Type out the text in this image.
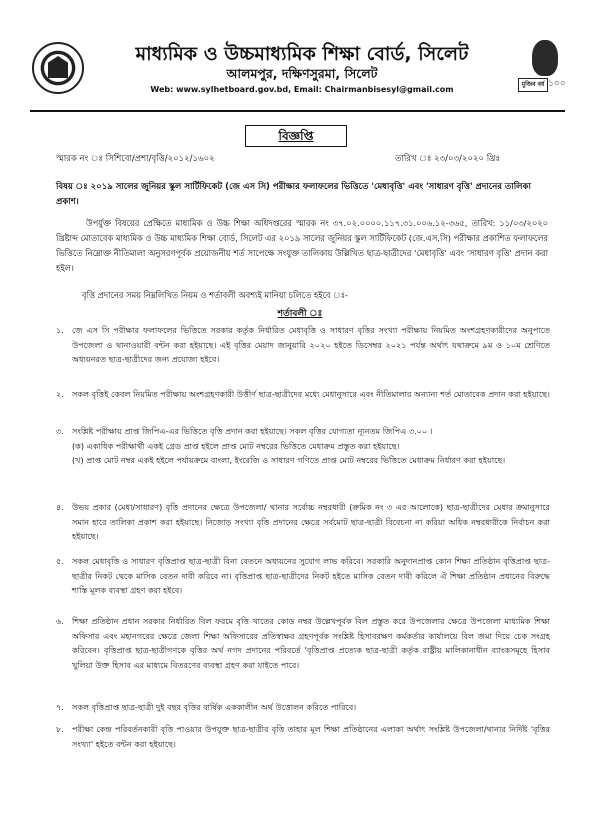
মাধ্যমিক ও উচ্চমাধ্যমিক শিক্ষা বোর্ড, সিলেট
আলমপুর, দক্ষিণসুরমা, সিলেট
Web: www.sylhetboard.gov.bd, Email: Chairmanbisesyl@gmail.com
মুজিব বর্ষ ১০০
বিজ্ঞপ্তি
স্মারক নং ঃ সিশিবো/প্রশা/বৃত্তি/২০১২/১৬০২	তারিখ ঃ ২৩/০৩/২০২০ খ্রিঃ
বিষয় ঃ ২০১৯ সালের জুনিয়র স্কুল সার্টিফিকেট (জে এস সি) পরীক্ষার ফলাফলের ভিত্তিতে 'মেধাবৃত্তি' এবং 'সাধারণ বৃত্তি' প্রদানের তালিকা প্রকাশ।
উপর্যুক্ত বিষয়ের প্রেক্ষিতে মাধ্যমিক ও উচ্চ শিক্ষা অধিদপ্তরের স্মারক নং ৩৭.০২.০০০০.১১৭.৩১.০০৬.১২-৩৬৫, তারিখ: ১১/০৩/২০২০ খ্রিষ্টাব্দ মোতাবেক মাধ্যমিক ও উচ্চ মাধ্যমিক শিক্ষা বোর্ড, সিলেট এর ২০১৯ সালের জুনিয়র স্কুল সার্টিফিকেট (জে.এস.সি) পরীক্ষার প্রকাশিত ফলাফলের ভিত্তিতে নিম্নোক্ত নীতিমালা অনুসরণপূর্বক প্রয়োজনীয় শর্ত সাপেক্ষে সংযুক্ত তালিকায় উল্লিখিত ছাত্র-ছাত্রীদের 'মেধাবৃত্তি' এবং 'সাধারণ বৃত্তি' প্রদান করা হইল।
বৃত্তি প্রদানের সময় নিম্নলিখিত নিয়ম ও শর্তাবলী অবশ্যই মানিয়া চলিতে হইবে ঃ-
শর্তাবলী ঃ
১.	জে এস সি পরীক্ষার ফলাফলের ভিত্তিতে সরকার কর্তৃক নির্ধারিত মেধাবৃত্তি ও সাধারণ বৃত্তির সংখ্যা পরীক্ষায় নিয়মিত অংশগ্রহণকারীদের অনুপাতে উপজেলা ও থানাওয়ারী বন্টন করা হইয়াছে। এই বৃত্তির মেয়াদ জানুয়ারি ২০২০ হইতে ডিসেম্বর ২০২১ পর্যন্ত অর্থাৎ যথাক্রমে ৯ম ও ১০ম শ্রেণিতে অধ্যয়নরত ছাত্র-ছাত্রীদের জন্য প্রযোজ্য হইবে।
২.	সকল বৃত্তিই কেবল নিয়মিত পরীক্ষায় অংশগ্রহণকারী উত্তীর্ণ ছাত্র-ছাত্রীদের মধ্যে মেধানুসারে এবং নীতিমালার অন্যান্য শর্ত মোতাবেক প্রদান করা হইয়াছে।
৩.	সংশ্লিষ্ট পরীক্ষায় প্রাপ্ত জিপিএ-এর ভিত্তিতে বৃত্তি প্রদান করা হইয়াছে। সকল বৃত্তির যোগ্যতা ন্যূনতম জিপিএ ৩.০০ ।
(ক) একাধিক পরীক্ষার্থী একই গ্রেড প্রাপ্ত হইলে প্রাপ্ত মোট নম্বরের ভিত্তিতে মেধাক্রম প্রস্তুত করা হইয়াছে।
(খ) প্রাপ্ত মোট নম্বর একই হইলে পর্যায়ক্রমে বাংলা, ইংরেজি ও সাধারণ গণিতে প্রাপ্ত মোট নম্বরের ভিত্তিতে মেধাক্রম নির্ধারণ করা হইয়াছে।
৪.	উভয় প্রকার (মেধা/সাধারণ) বৃত্তি প্রদানের ক্ষেত্রে উপজেলা/ থানার সর্বোচ্চ নম্বরধারী (ক্রমিক নং ৩ এর আলোকে) ছাত্র-ছাত্রীদের মেধার ক্রমানুসারে সমান হারে তালিকা প্রকাশ করা হইয়াছে। নিজোড় সংখ্যা বৃত্তি প্রদানের ক্ষেত্রে সর্বমোট ছাত্র-ছাত্রী বিবেচনা না করিয়া অধিক নম্বরধারীকে নির্বাচন করা হইয়াছে।
৫.	সকল মেধাবৃত্তি ও সাধারণ বৃত্তিপ্রাপ্ত ছাত্র-ছাত্রী বিনা বেতনে অধ্যয়নের সুযোগ লাভ করিবে। সরকারি অনুদানপ্রাপ্ত কোন শিক্ষা প্রতিষ্ঠান বৃত্তিপ্রাপ্ত ছাত্র-ছাত্রীর নিকট থেকে মাসিক বেতন দাবী করিবে না। বৃত্তিপ্রাপ্ত ছাত্র-ছাত্রীদের নিকট হইতে মাসিক বেতন দাবী করিলে ঐ শিক্ষা প্রতিষ্ঠান প্রধানের বিরুদ্ধে শাস্তি মূলক ব্যবস্থা গ্রহণ করা হইবে।
৬.	শিক্ষা প্রতিষ্ঠান প্রধান সরকার নির্ধারিত বিল ফরমে বৃত্তি খাতের কোড নম্বর উল্লেখপূর্বক বিল প্রস্তুত করে উপজেলার ক্ষেত্রে উপজেলা মাধ্যমিক শিক্ষা অফিসার এবং মহানগরের ক্ষেত্রে জেলা শিক্ষা অফিসারের প্রতিস্বাক্ষর গ্রহণপূর্বক সংশ্লিষ্ট হিসাবরক্ষণ কর্মকর্তার কার্যালয়ে বিল জমা দিয়ে চেক সংগ্রহ করিবেন। বৃত্তিপ্রাপ্ত ছাত্র-ছাত্রীগণকে বৃত্তির অর্থ নগদ প্রদানের পরিবর্তে 'বৃত্তিপ্রাপ্ত প্রত্যেক ছাত্র-ছাত্রী কর্তৃক রাষ্ট্রীয় মালিকানাধীন ব্যাংকসমূহে হিসাব খুলিয়া উক্ত হিসাব এর মাধ্যমে বিতরণের ব্যবস্থা গ্রহণ করা যাইতে পারে।
৭.	সকল বৃত্তিপ্রাপ্ত ছাত্র-ছাত্রী দুই বছর বৃত্তির বার্ষিক এককালীন অর্থ উত্তোলন করিতে পারিবে।
৮.	পরীক্ষা কেন্দ্র পরিবর্তনকারী বৃত্তি পাওয়ার উপযুক্ত ছাত্র-ছাত্রীর বৃত্তি তাহার মূল শিক্ষা প্রতিষ্ঠানের এলাকা অর্থাৎ সংশ্লিষ্ট উপজেলা/থানার নির্দিষ্ট 'বৃত্তির সংখ্যা' হইতে বন্টন করা হইয়াছে।
